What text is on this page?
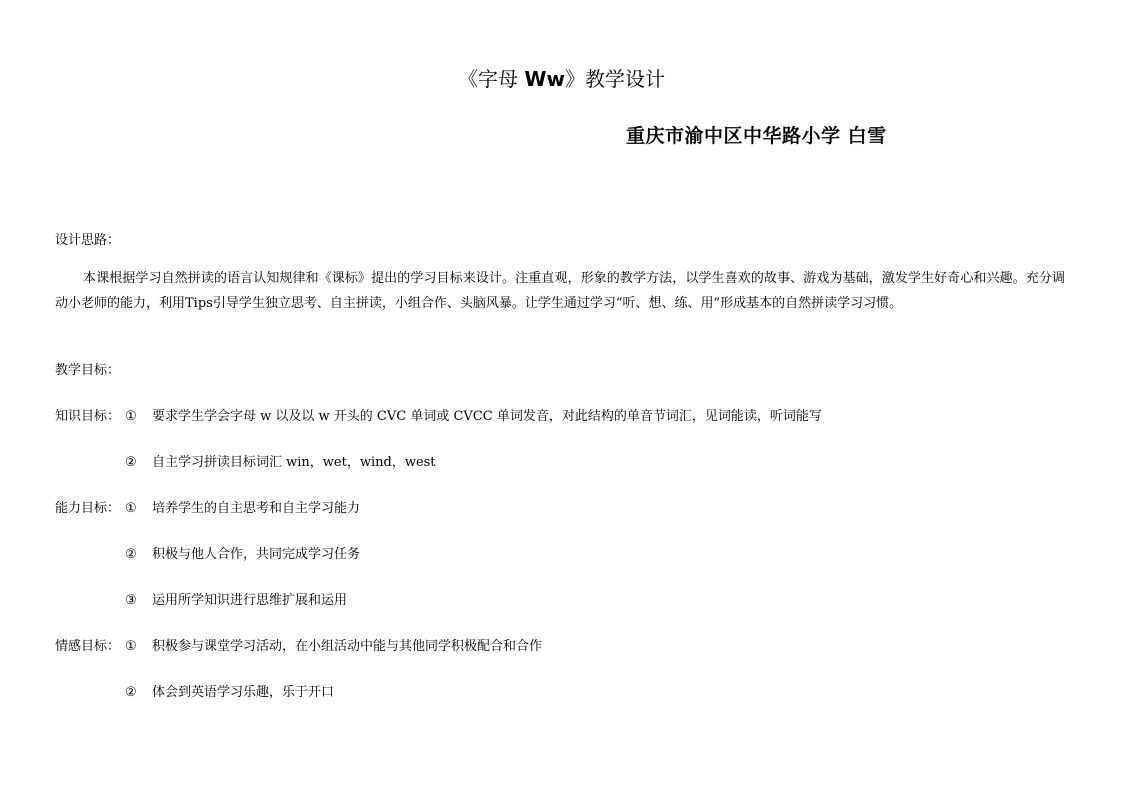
《字母 Ww》教学设计
重庆市渝中区中华路小学 白雪
设计思路：
本课根据学习自然拼读的语言认知规律和《课标》提出的学习目标来设计。注重直观，形象的教学方法，以学生喜欢的故事、游戏为基础，激发学生好奇心和兴趣。充分调动小老师的能力，利用Tips引导学生独立思考、自主拼读，小组合作、头脑风暴。让学生通过学习“听、想、练、用”形成基本的自然拼读学习习惯。
教学目标：
知识目标： ① 要求学生学会字母 w 以及以 w 开头的 CVC 单词或 CVCC 单词发音，对此结构的单音节词汇，见词能读，听词能写
② 自主学习拼读目标词汇 win，wet，wind，west
能力目标： ① 培养学生的自主思考和自主学习能力
② 积极与他人合作，共同完成学习任务
③ 运用所学知识进行思维扩展和运用
情感目标： ① 积极参与课堂学习活动，在小组活动中能与其他同学积极配合和合作
② 体会到英语学习乐趣，乐于开口
